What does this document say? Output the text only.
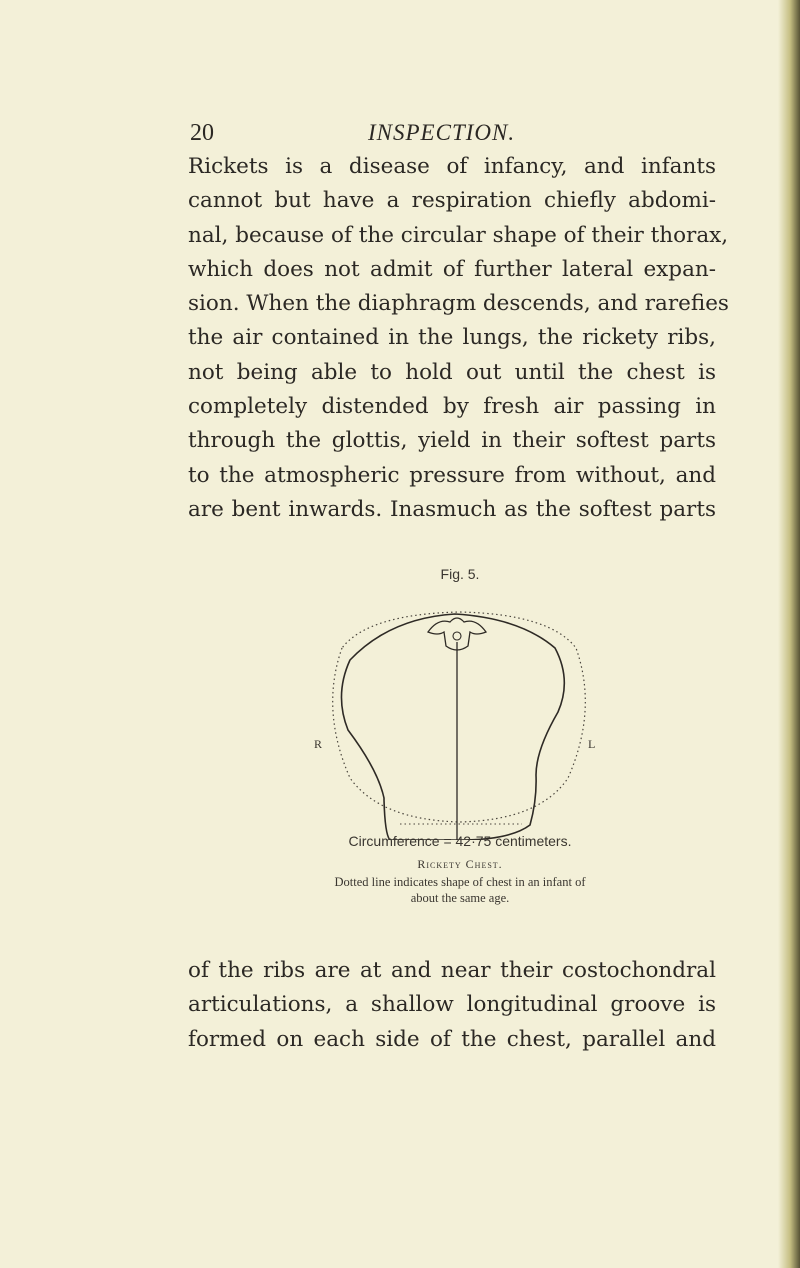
20	INSPECTION.
Rickets is a disease of infancy, and infants
cannot but have a respiration chiefly abdomi-
nal, because of the circular shape of their thorax,
which does not admit of further lateral expan-
sion. When the diaphragm descends, and rarefies
the air contained in the lungs, the rickety ribs,
not being able to hold out until the chest is
completely distended by fresh air passing in
through the glottis, yield in their softest parts
to the atmospheric pressure from without, and
are bent inwards. Inasmuch as the softest parts
Fig. 5.
R	L
Circumference = 42·75 centimeters.
Rickety Chest.
Dotted line indicates shape of chest in an infant of
about the same age.
of the ribs are at and near their costochondral
articulations, a shallow longitudinal groove is
formed on each side of the chest, parallel and
